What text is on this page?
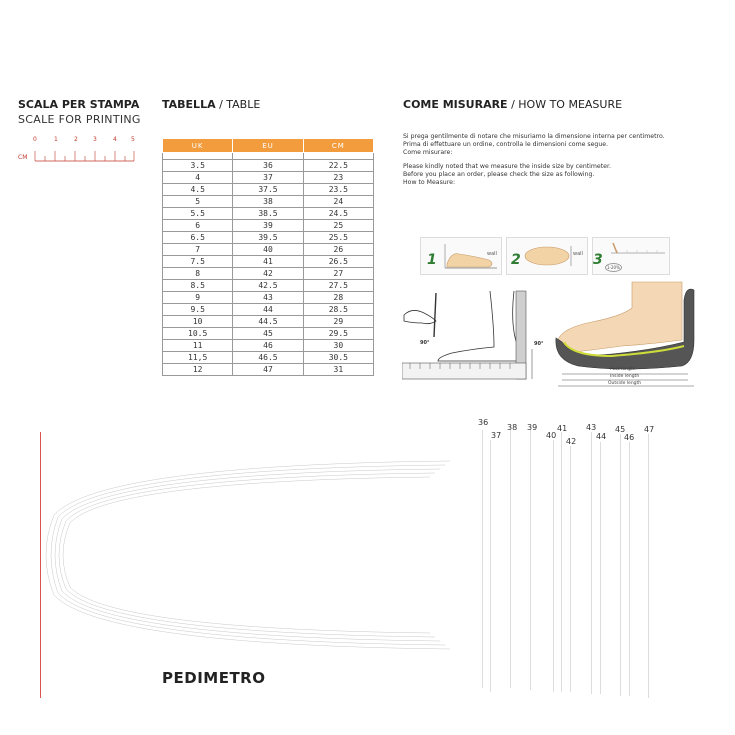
SCALA PER STAMPA
SCALE FOR PRINTING
0	1	2	3	4 5
CM
TABELLA / TABLE
UK	EU	CM

3.5	36	22.5
4	37	23
4.5	37.5	23.5
5	38	24
5.5	38.5	24.5
6	39	25
6.5	39.5	25.5
7	40	26
7.5	41	26.5
8	42	27
8.5	42.5	27.5
9	43	28
9.5	44	28.5
10	44.5	29
10.5	45	29.5
11	46	30
11,5	46.5	30.5
12	47	31
COME MISURARE / HOW TO MEASURE

Si prega gentilmente di notare che misuriamo la dimensione interna per centimetro.

Prima di effettuare un ordine, controlla le dimensioni come segue.

Come misurare:

Please kindly noted that we measure the inside size by centimeter.

Before you place an order, please check the size as following.

How to Measure:

1	wall 2	wall 3	1-20%
90°	90°
Foot length
Inside length
Outside length
36
37
38 39
40
41
42
43
44
45
46
47
PEDIMETRO
